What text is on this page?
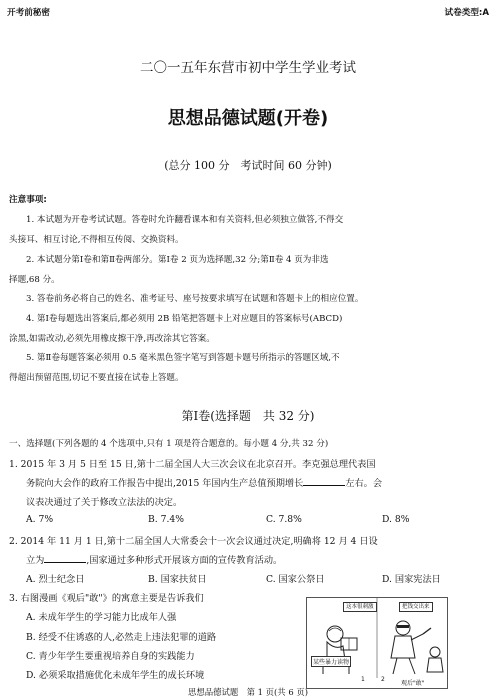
开考前秘密	试卷类型:A
二〇一五年东营市初中学生学业考试
思想品德试题(开卷)
(总分 100 分　考试时间 60 分钟)
注意事项:
1. 本试题为开卷考试试题。答卷时允许翻看课本和有关资料,但必须独立做答,不得交
头接耳、相互讨论,不得相互传阅、交换资料。
2. 本试题分第Ⅰ卷和第Ⅱ卷两部分。第Ⅰ卷 2 页为选择题,32 分;第Ⅱ卷 4 页为非选
择题,68 分。
3. 答卷前务必将自己的姓名、准考证号、座号按要求填写在试题和答题卡上的相应位置。
4. 第Ⅰ卷每题选出答案后,都必须用 2B 铅笔把答题卡上对应题目的答案标号(ABCD)
涂黑,如需改动,必须先用橡皮擦干净,再改涂其它答案。
5. 第Ⅱ卷每题答案必须用 0.5 毫米黑色签字笔写到答题卡题号所指示的答题区域,不
得超出预留范围,切记不要直接在试卷上答题。
第Ⅰ卷(选择题　共 32 分)
一、选择题(下列各题的 4 个选项中,只有 1 项是符合题意的。每小题 4 分,共 32 分)
1. 2015 年 3 月 5 日至 15 日,第十二届全国人大三次会议在北京召开。李克强总理代表国
务院向大会作的政府工作报告中提出,2015 年国内生产总值预期增长	左右。会
议表决通过了关于修改立法法的决定。
A. 7%	B. 7.4%	C. 7.8%	D. 8%
2. 2014 年 11 月 1 日,第十二届全国人大常委会十一次会议通过决定,明确将 12 月 4 日设
立为	,国家通过多种形式开展该方面的宣传教育活动。
A. 烈士纪念日	B. 国家扶贫日	C. 国家公祭日	D. 国家宪法日
3. 右图漫画《观后"敢"》的寓意主要是告诉我们
A. 未成年学生的学习能力比成年人强
B. 经受不住诱惑的人,必然走上违法犯罪的道路
C. 青少年学生要重视培养自身的实践能力
D. 必须采取措施优化未成年学生的成长环境
这本很刺激	把钱交出来
某些暴力读物
1	2
观后"敢"
思想品德试题　第 1 页(共 6 页)
